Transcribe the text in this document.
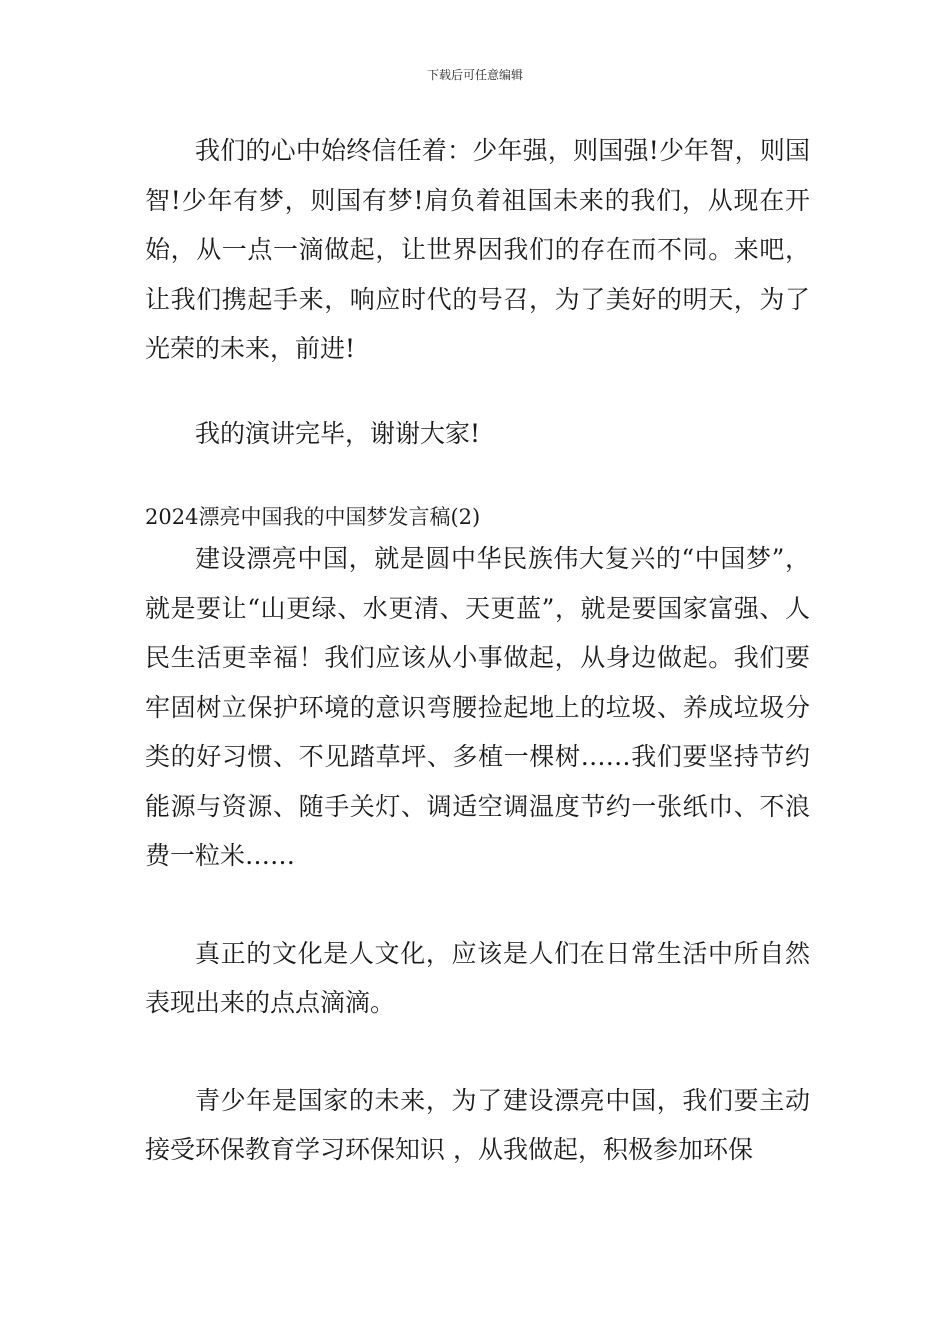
下载后可任意编辑

我们的心中始终信任着：少年强，则国强!少年智，则国智!少年有梦，则国有梦!肩负着祖国未来的我们，从现在开始，从一点一滴做起，让世界因我们的存在而不同。来吧，让我们携起手来，响应时代的号召，为了美好的明天，为了光荣的未来，前进!

我的演讲完毕，谢谢大家!

2024漂亮中国我的中国梦发言稿(2)

建设漂亮中国，就是圆中华民族伟大复兴的“中国梦”，就是要让“山更绿、水更清、天更蓝”，就是要国家富强、人民生活更幸福！我们应该从小事做起，从身边做起。我们要牢固树立保护环境的意识弯腰捡起地上的垃圾、养成垃圾分类的好习惯、不见踏草坪、多植一棵树……我们要坚持节约能源与资源、随手关灯、调适空调温度节约一张纸巾、不浪费一粒米……

真正的文化是人文化，应该是人们在日常生活中所自然表现出来的点点滴滴。

青少年是国家的未来，为了建设漂亮中国，我们要主动接受环保教育学习环保知识 ，从我做起，积极参加环保
